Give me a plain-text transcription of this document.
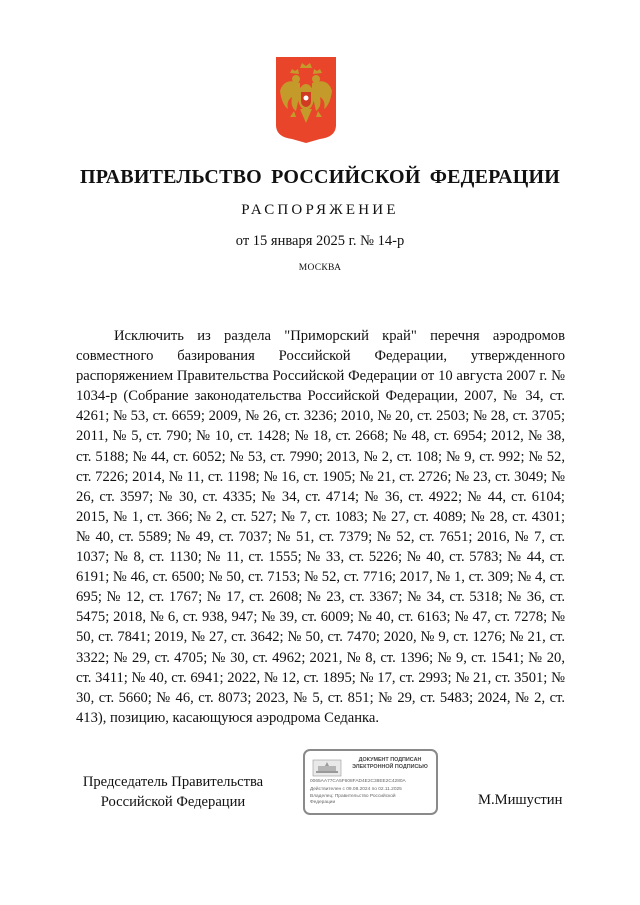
ПРАВИТЕЛЬСТВО РОССИЙСКОЙ ФЕДЕРАЦИИ
РАСПОРЯЖЕНИЕ
от 15 января 2025 г. № 14-р
МОСКВА
Исключить из раздела "Приморский край" перечня аэродромов совместного базирования Российской Федерации, утвержденного распоряжением Правительства Российской Федерации от 10 августа 2007 г. № 1034-р (Собрание законодательства Российской Федерации, 2007, № 34, ст. 4261; № 53, ст. 6659; 2009, № 26, ст. 3236; 2010, № 20, ст. 2503; № 28, ст. 3705; 2011, № 5, ст. 790; № 10, ст. 1428; № 18, ст. 2668; № 48, ст. 6954; 2012, № 38, ст. 5188; № 44, ст. 6052; № 53, ст. 7990; 2013, № 2, ст. 108; № 9, ст. 992; № 52, ст. 7226; 2014, № 11, ст. 1198; № 16, ст. 1905; № 21, ст. 2726; № 23, ст. 3049; № 26, ст. 3597; № 30, ст. 4335; № 34, ст. 4714; № 36, ст. 4922; № 44, ст. 6104; 2015, № 1, ст. 366; № 2, ст. 527; № 7, ст. 1083; № 27, ст. 4089; № 28, ст. 4301; № 40, ст. 5589; № 49, ст. 7037; № 51, ст. 7379; № 52, ст. 7651; 2016, № 7, ст. 1037; № 8, ст. 1130; № 11, ст. 1555; № 33, ст. 5226; № 40, ст. 5783; № 44, ст. 6191; № 46, ст. 6500; № 50, ст. 7153; № 52, ст. 7716; 2017, № 1, ст. 309; № 4, ст. 695; № 12, ст. 1767; № 17, ст. 2608; № 23, ст. 3367; № 34, ст. 5318; № 36, ст. 5475; 2018, № 6, ст. 938, 947; № 39, ст. 6009; № 40, ст. 6163; № 47, ст. 7278; № 50, ст. 7841; 2019, № 27, ст. 3642; № 50, ст. 7470; 2020, № 9, ст. 1276; № 21, ст. 3322; № 29, ст. 4705; № 30, ст. 4962; 2021, № 8, ст. 1396; № 9, ст. 1541; № 20, ст. 3411; № 40, ст. 6941; 2022, № 12, ст. 1895; № 17, ст. 2993; № 21, ст. 3501; № 30, ст. 5660; № 46, ст. 8073; 2023, № 5, ст. 851; № 29, ст. 5483; 2024, № 2, ст. 413), позицию, касающуюся аэродрома Седанка.
Председатель Правительства
Российской Федерации
ДОКУМЕНТ ПОДПИСАН
ЭЛЕКТРОННОЙ ПОДПИСЬЮ
0065AA77CA5F608FAD4E2C38EE2C4280A
Действителен с 09.08.2024 по 02.11.2025
Владелец: Правительство Российской
Федерации	М.Мишустин
